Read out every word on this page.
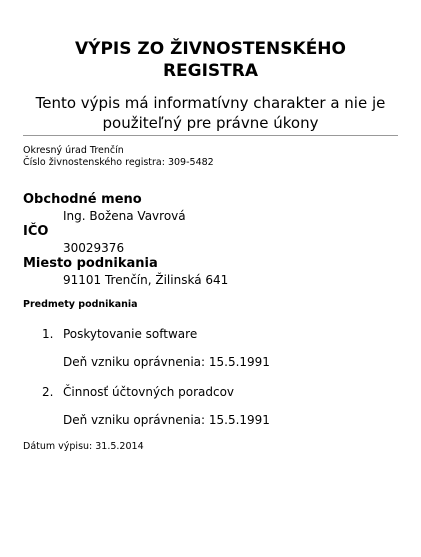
VÝPIS ZO ŽIVNOSTENSKÉHO
REGISTRA
Tento výpis má informatívny charakter a nie je
použiteľný pre právne úkony
Okresný úrad Trenčín
Číslo živnostenského registra: 309-5482
Obchodné meno
Ing. Božena Vavrová
IČO
30029376
Miesto podnikania
91101 Trenčín, Žilinská 641
Predmety podnikania
1. Poskytovanie software
Deň vzniku oprávnenia: 15.5.1991
2. Činnosť účtovných poradcov
Deň vzniku oprávnenia: 15.5.1991
Dátum výpisu: 31.5.2014
